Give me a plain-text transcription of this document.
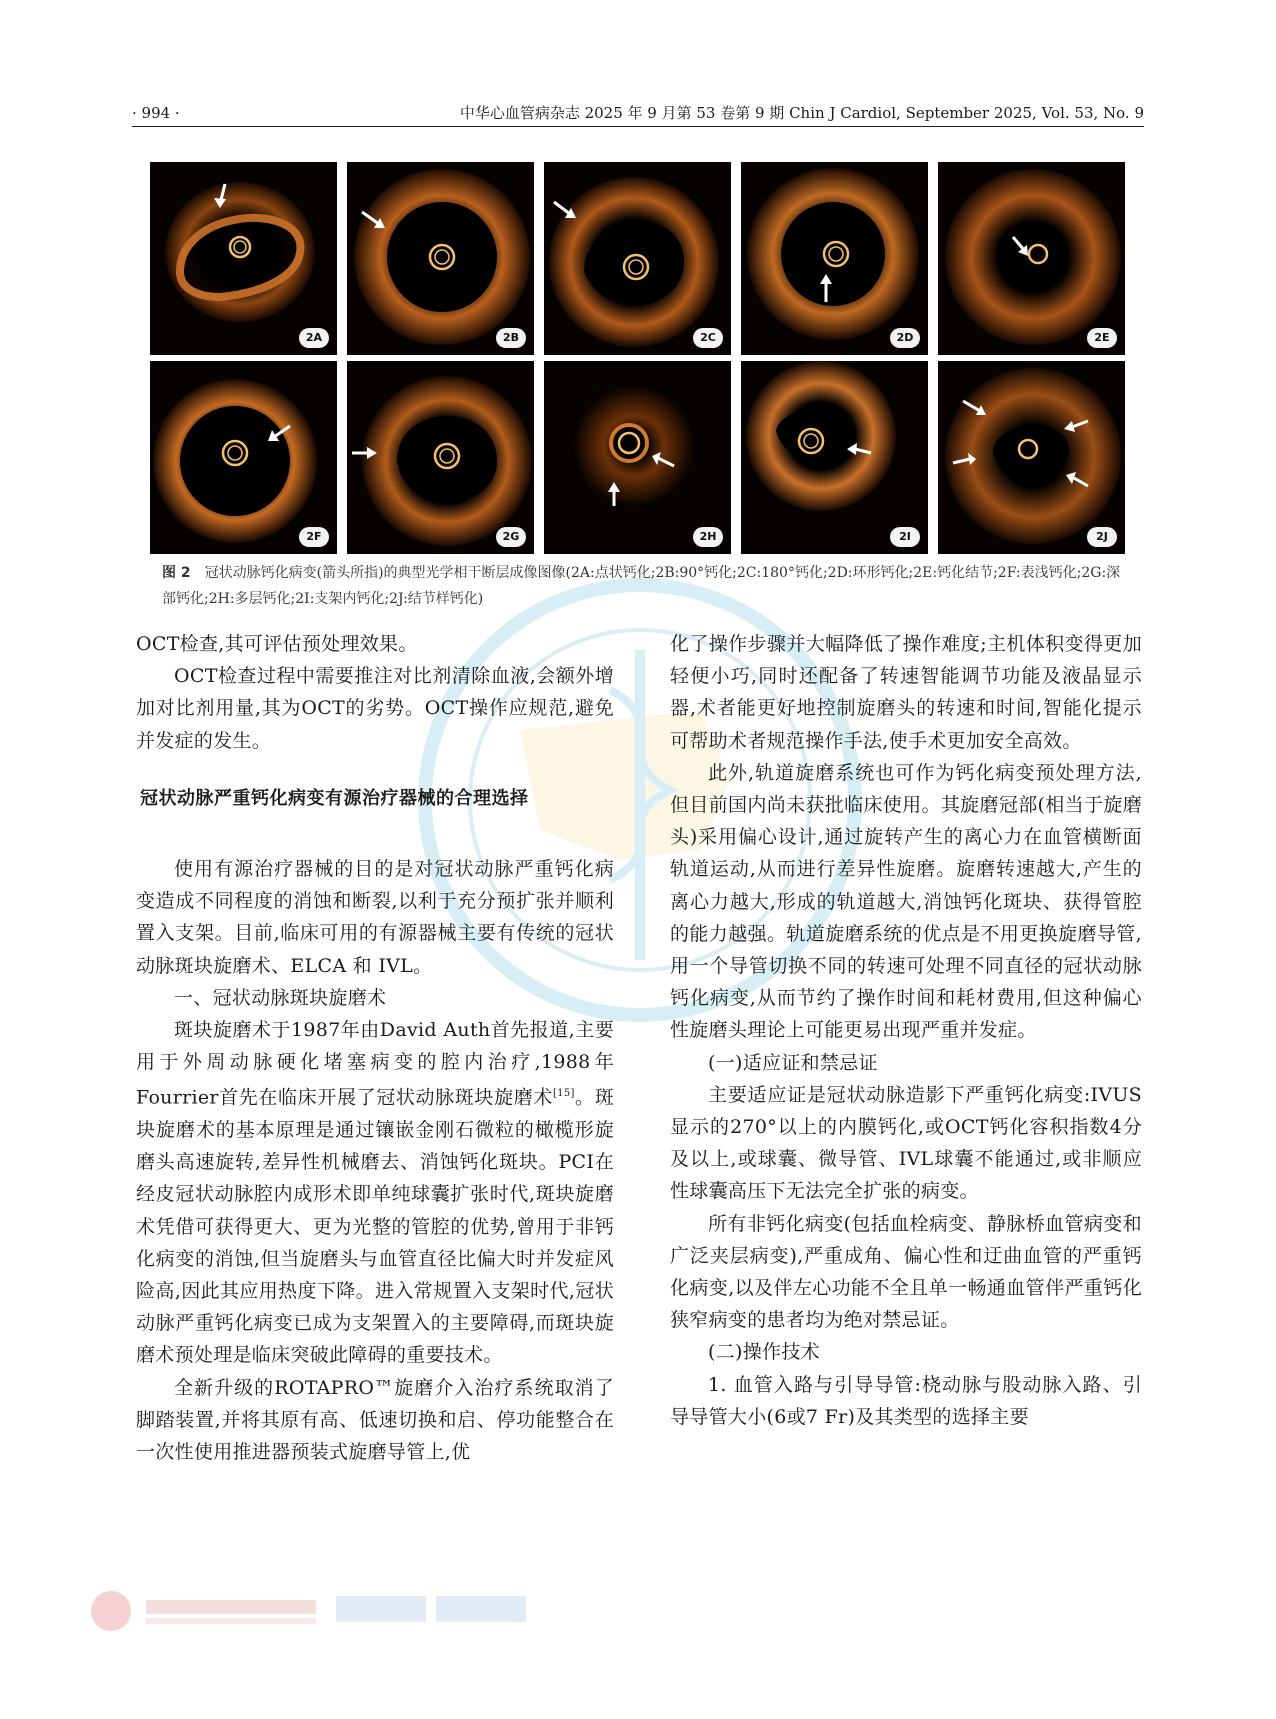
· 994 ·	中华心血管病杂志 2025 年 9 月第 53 卷第 9 期 Chin J Cardiol, September 2025, Vol. 53, No. 9
2A	2B	2C	2D	2E
2F	2G	2H	2I	2J
图 2 冠状动脉钙化病变(箭头所指)的典型光学相干断层成像图像(2A:点状钙化;2B:90°钙化;2C:180°钙化;2D:环形钙化;2E:钙化结节;2F:表浅钙化;2G:深部钙化;2H:多层钙化;2I:支架内钙化;2J:结节样钙化)

OCT检查,其可评估预处理效果。

OCT检查过程中需要推注对比剂清除血液,会额外增加对比剂用量,其为OCT的劣势。OCT操作应规范,避免并发症的发生。

冠状动脉严重钙化病变有源治疗器械的合理选择

使用有源治疗器械的目的是对冠状动脉严重钙化病变造成不同程度的消蚀和断裂,以利于充分预扩张并顺利置入支架。目前,临床可用的有源器械主要有传统的冠状动脉斑块旋磨术、ELCA 和 IVL。

一、冠状动脉斑块旋磨术

斑块旋磨术于1987年由David Auth首先报道,主要用于外周动脉硬化堵塞病变的腔内治疗,1988年Fourrier首先在临床开展了冠状动脉斑块旋磨术[15]。斑块旋磨术的基本原理是通过镶嵌金刚石微粒的橄榄形旋磨头高速旋转,差异性机械磨去、消蚀钙化斑块。PCI在经皮冠状动脉腔内成形术即单纯球囊扩张时代,斑块旋磨术凭借可获得更大、更为光整的管腔的优势,曾用于非钙化病变的消蚀,但当旋磨头与血管直径比偏大时并发症风险高,因此其应用热度下降。进入常规置入支架时代,冠状动脉严重钙化病变已成为支架置入的主要障碍,而斑块旋磨术预处理是临床突破此障碍的重要技术。

全新升级的ROTAPRO™旋磨介入治疗系统取消了脚踏装置,并将其原有高、低速切换和启、停功能整合在一次性使用推进器预装式旋磨导管上,优

化了操作步骤并大幅降低了操作难度;主机体积变得更加轻便小巧,同时还配备了转速智能调节功能及液晶显示器,术者能更好地控制旋磨头的转速和时间,智能化提示可帮助术者规范操作手法,使手术更加安全高效。

此外,轨道旋磨系统也可作为钙化病变预处理方法,但目前国内尚未获批临床使用。其旋磨冠部(相当于旋磨头)采用偏心设计,通过旋转产生的离心力在血管横断面轨道运动,从而进行差异性旋磨。旋磨转速越大,产生的离心力越大,形成的轨道越大,消蚀钙化斑块、获得管腔的能力越强。轨道旋磨系统的优点是不用更换旋磨导管,用一个导管切换不同的转速可处理不同直径的冠状动脉钙化病变,从而节约了操作时间和耗材费用,但这种偏心性旋磨头理论上可能更易出现严重并发症。

(一)适应证和禁忌证

主要适应证是冠状动脉造影下严重钙化病变:IVUS显示的270°以上的内膜钙化,或OCT钙化容积指数4分及以上,或球囊、微导管、IVL球囊不能通过,或非顺应性球囊高压下无法完全扩张的病变。

所有非钙化病变(包括血栓病变、静脉桥血管病变和广泛夹层病变),严重成角、偏心性和迂曲血管的严重钙化病变,以及伴左心功能不全且单一畅通血管伴严重钙化狭窄病变的患者均为绝对禁忌证。

(二)操作技术

1. 血管入路与引导导管:桡动脉与股动脉入路、引导导管大小(6或7 Fr)及其类型的选择主要
